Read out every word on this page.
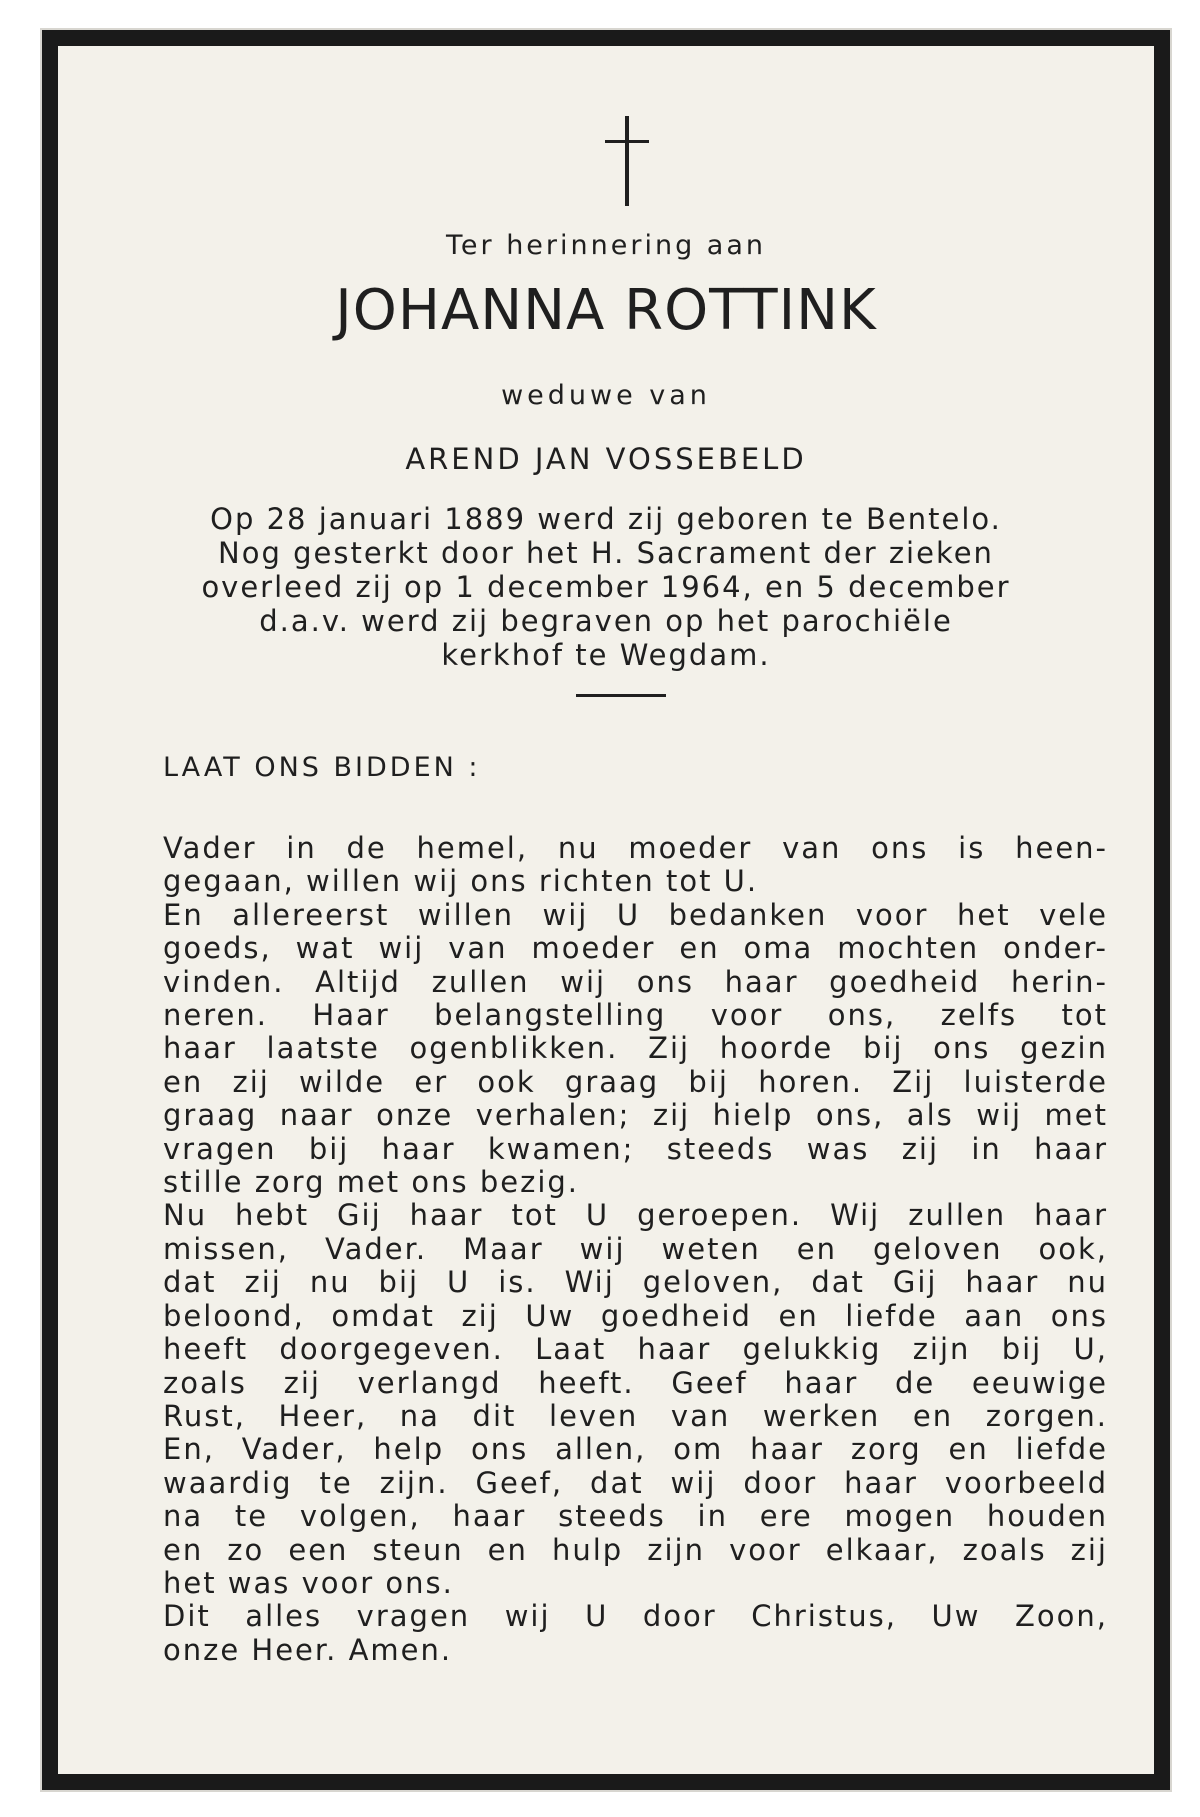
Ter herinnering aan
JOHANNA ROTTINK
weduwe van
AREND JAN VOSSEBELD
Op 28 januari 1889 werd zij geboren te Bentelo.
Nog gesterkt door het H. Sacrament der zieken
overleed zij op 1 december 1964, en 5 december
d.a.v. werd zij begraven op het parochiële
kerkhof te Wegdam.
LAAT ONS BIDDEN :
Vader in de hemel, nu moeder van ons is heen-
gegaan, willen wij ons richten tot U.
En allereerst willen wij U bedanken voor het vele
goeds, wat wij van moeder en oma mochten onder-
vinden. Altijd zullen wij ons haar goedheid herin-
neren. Haar belangstelling voor ons, zelfs tot
haar laatste ogenblikken. Zij hoorde bij ons gezin
en zij wilde er ook graag bij horen. Zij luisterde
graag naar onze verhalen; zij hielp ons, als wij met
vragen bij haar kwamen; steeds was zij in haar
stille zorg met ons bezig.
Nu hebt Gij haar tot U geroepen. Wij zullen haar
missen, Vader. Maar wij weten en geloven ook,
dat zij nu bij U is. Wij geloven, dat Gij haar nu
beloond, omdat zij Uw goedheid en liefde aan ons
heeft doorgegeven. Laat haar gelukkig zijn bij U,
zoals zij verlangd heeft. Geef haar de eeuwige
Rust, Heer, na dit leven van werken en zorgen.
En, Vader, help ons allen, om haar zorg en liefde
waardig te zijn. Geef, dat wij door haar voorbeeld
na te volgen, haar steeds in ere mogen houden
en zo een steun en hulp zijn voor elkaar, zoals zij
het was voor ons.
Dit alles vragen wij U door Christus, Uw Zoon,
onze Heer. Amen.
